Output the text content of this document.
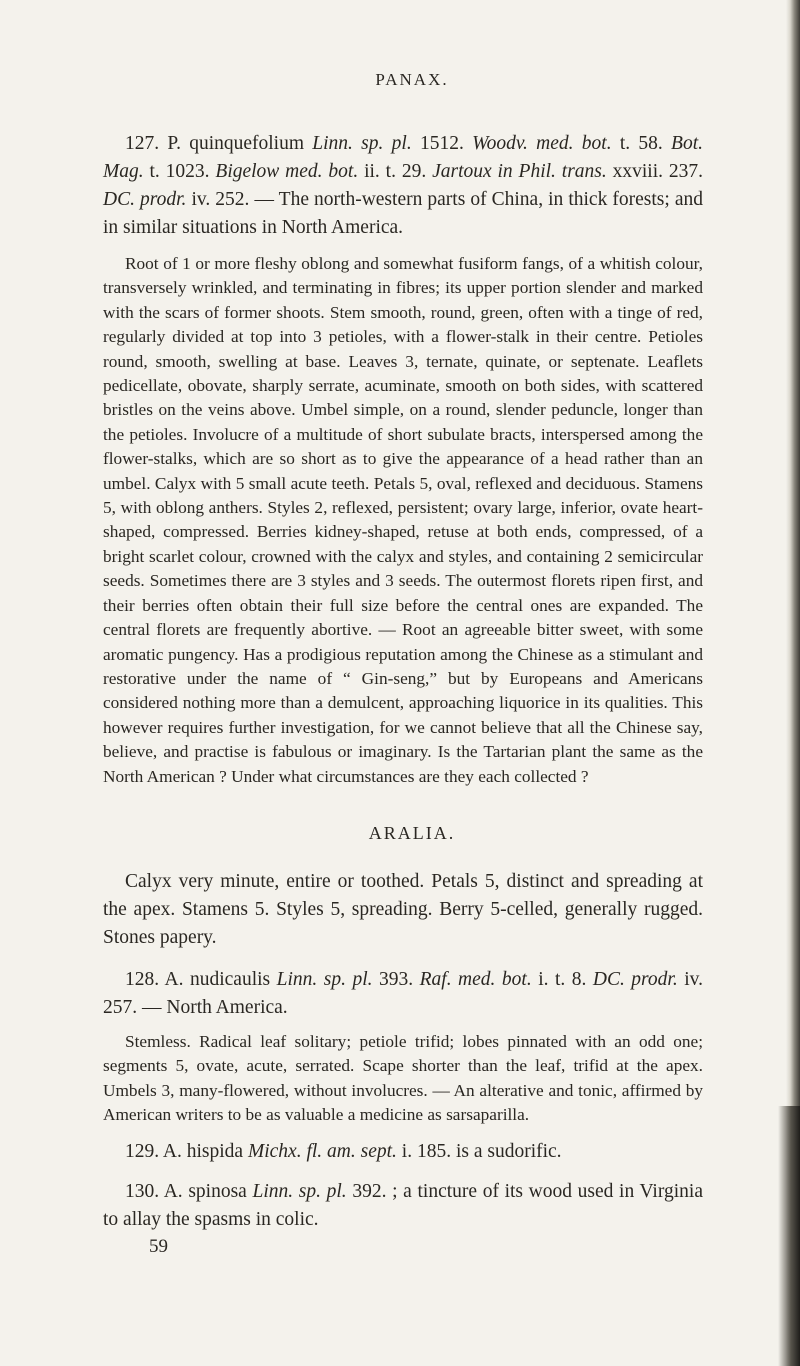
PANAX.

127. P. quinquefolium Linn. sp. pl. 1512. Woodv. med. bot. t. 58. Bot. Mag. t. 1023. Bigelow med. bot. ii. t. 29. Jartoux in Phil. trans. xxviii. 237. DC. prodr. iv. 252. — The north-western parts of China, in thick forests; and in similar situations in North America.

Root of 1 or more fleshy oblong and somewhat fusiform fangs, of a whitish colour, transversely wrinkled, and terminating in fibres; its upper portion slender and marked with the scars of former shoots. Stem smooth, round, green, often with a tinge of red, regularly divided at top into 3 petioles, with a flower-stalk in their centre. Petioles round, smooth, swelling at base. Leaves 3, ternate, quinate, or septenate. Leaflets pedicellate, obovate, sharply serrate, acuminate, smooth on both sides, with scattered bristles on the veins above. Umbel simple, on a round, slender peduncle, longer than the petioles. Involucre of a multitude of short subulate bracts, interspersed among the flower-stalks, which are so short as to give the appearance of a head rather than an umbel. Calyx with 5 small acute teeth. Petals 5, oval, reflexed and deciduous. Stamens 5, with oblong anthers. Styles 2, reflexed, persistent; ovary large, inferior, ovate heart-shaped, compressed. Berries kidney-shaped, retuse at both ends, compressed, of a bright scarlet colour, crowned with the calyx and styles, and containing 2 semicircular seeds. Sometimes there are 3 styles and 3 seeds. The outermost florets ripen first, and their berries often obtain their full size before the central ones are expanded. The central florets are frequently abortive. — Root an agreeable bitter sweet, with some aromatic pungency. Has a prodigious reputation among the Chinese as a stimulant and restorative under the name of “ Gin-seng,” but by Europeans and Americans considered nothing more than a demulcent, approaching liquorice in its qualities. This however requires further investigation, for we cannot believe that all the Chinese say, believe, and practise is fabulous or imaginary. Is the Tartarian plant the same as the North American ? Under what circumstances are they each collected ?

ARALIA.

Calyx very minute, entire or toothed. Petals 5, distinct and spreading at the apex. Stamens 5. Styles 5, spreading. Berry 5-celled, generally rugged. Stones papery.

128. A. nudicaulis Linn. sp. pl. 393. Raf. med. bot. i. t. 8. DC. prodr. iv. 257. — North America.

Stemless. Radical leaf solitary; petiole trifid; lobes pinnated with an odd one; segments 5, ovate, acute, serrated. Scape shorter than the leaf, trifid at the apex. Umbels 3, many-flowered, without involucres. — An alterative and tonic, affirmed by American writers to be as valuable a medicine as sarsaparilla.

129. A. hispida Michx. fl. am. sept. i. 185. is a sudorific.

130. A. spinosa Linn. sp. pl. 392. ; a tincture of its wood used in Virginia to allay the spasms in colic.

59
